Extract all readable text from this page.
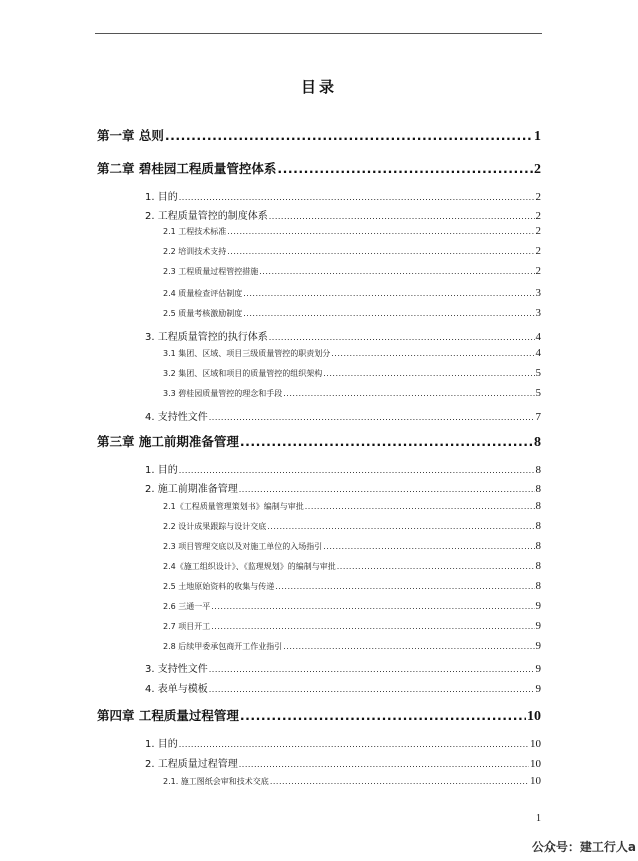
目录
第一章 总则 .....	1
第二章 碧桂园工程质量管控体系 .....	2
1. 目的 .....	2
2. 工程质量管控的制度体系 .....	2
2.1 工程技术标准 .....	2
2.2 培训技术支持 .....	2
2.3 工程质量过程管控措施 .....	2
2.4 质量检查评估制度 .....	3
2.5 质量考核激励制度 .....	3
3. 工程质量管控的执行体系 .....	4
3.1 集团、区域、项目三级质量管控的职责划分 .....	4
3.2 集团、区域和项目的质量管控的组织架构 .....	5
3.3 碧桂园质量管控的理念和手段 .....	5
4. 支持性文件 .....	7
第三章 施工前期准备管理 .....	8
1. 目的 .....	8
2. 施工前期准备管理 .....	8
2.1《工程质量管理策划书》编制与审批 .....	8
2.2 设计成果跟踪与设计交底 .....	8
2.3 项目管理交底以及对施工单位的入场指引 .....	8
2.4《施工组织设计》、《监理规划》的编制与审批 .....	8
2.5 土地原始资料的收集与传递 .....	8
2.6 三通一平 .....	9
2.7 项目开工 .....	9
2.8 后续甲委承包商开工作业指引 .....	9
3. 支持性文件 .....	9
4. 表单与模板 .....	9
第四章 工程质量过程管理 .....	10
1. 目的 .....	10
2. 工程质量过程管理 .....	10
2.1. 施工图纸会审和技术交底 .....	10
1
公众号：建工行人a
